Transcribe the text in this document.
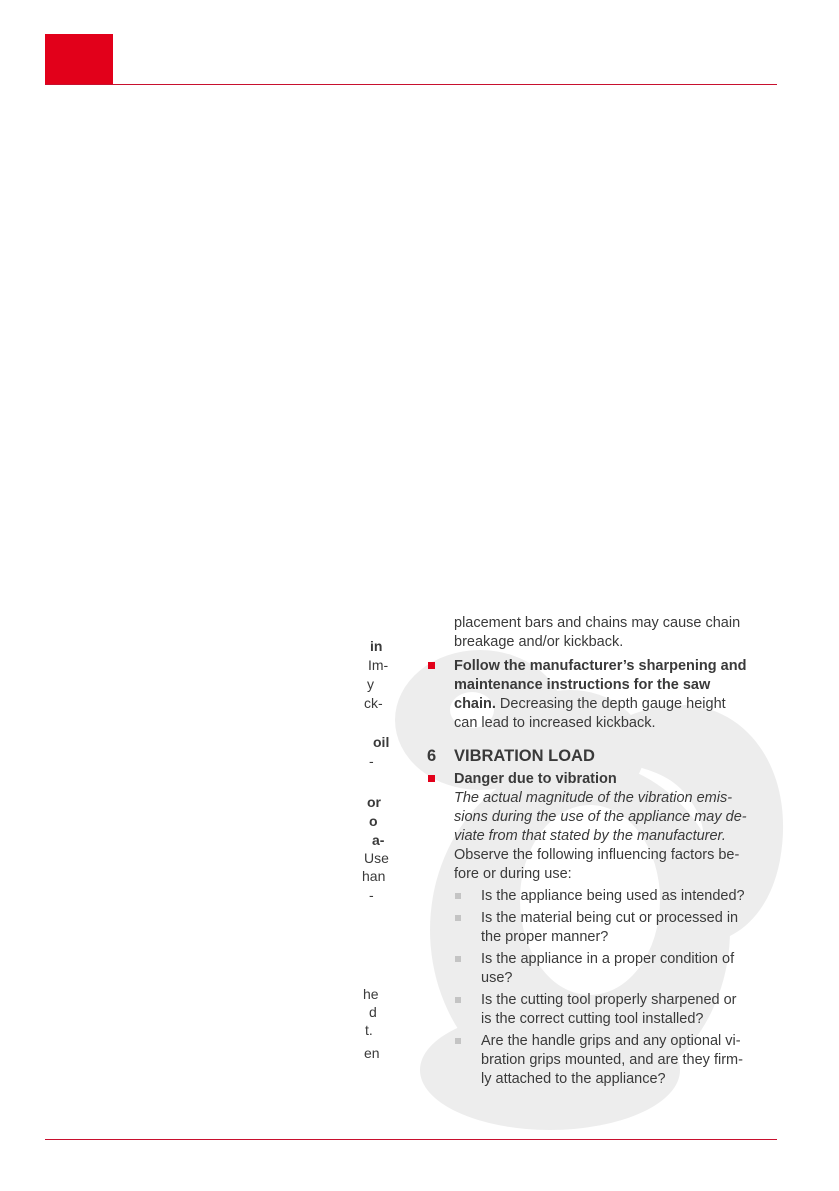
in
Im-
y
ck-
oil
-
or
o
a-
Use
han
-
he
d
t.
en
placement bars and chains may cause chain
breakage and/or kickback.
Follow the manufacturer’s sharpening and
maintenance instructions for the saw
chain. Decreasing the depth gauge height
can lead to increased kickback.
6 VIBRATION LOAD
Danger due to vibration
The actual magnitude of the vibration emis-
sions during the use of the appliance may de-
viate from that stated by the manufacturer.
Observe the following influencing factors be-
fore or during use:
Is the appliance being used as intended?
Is the material being cut or processed in
the proper manner?
Is the appliance in a proper condition of
use?
Is the cutting tool properly sharpened or
is the correct cutting tool installed?
Are the handle grips and any optional vi-
bration grips mounted, and are they firm-
ly attached to the appliance?
